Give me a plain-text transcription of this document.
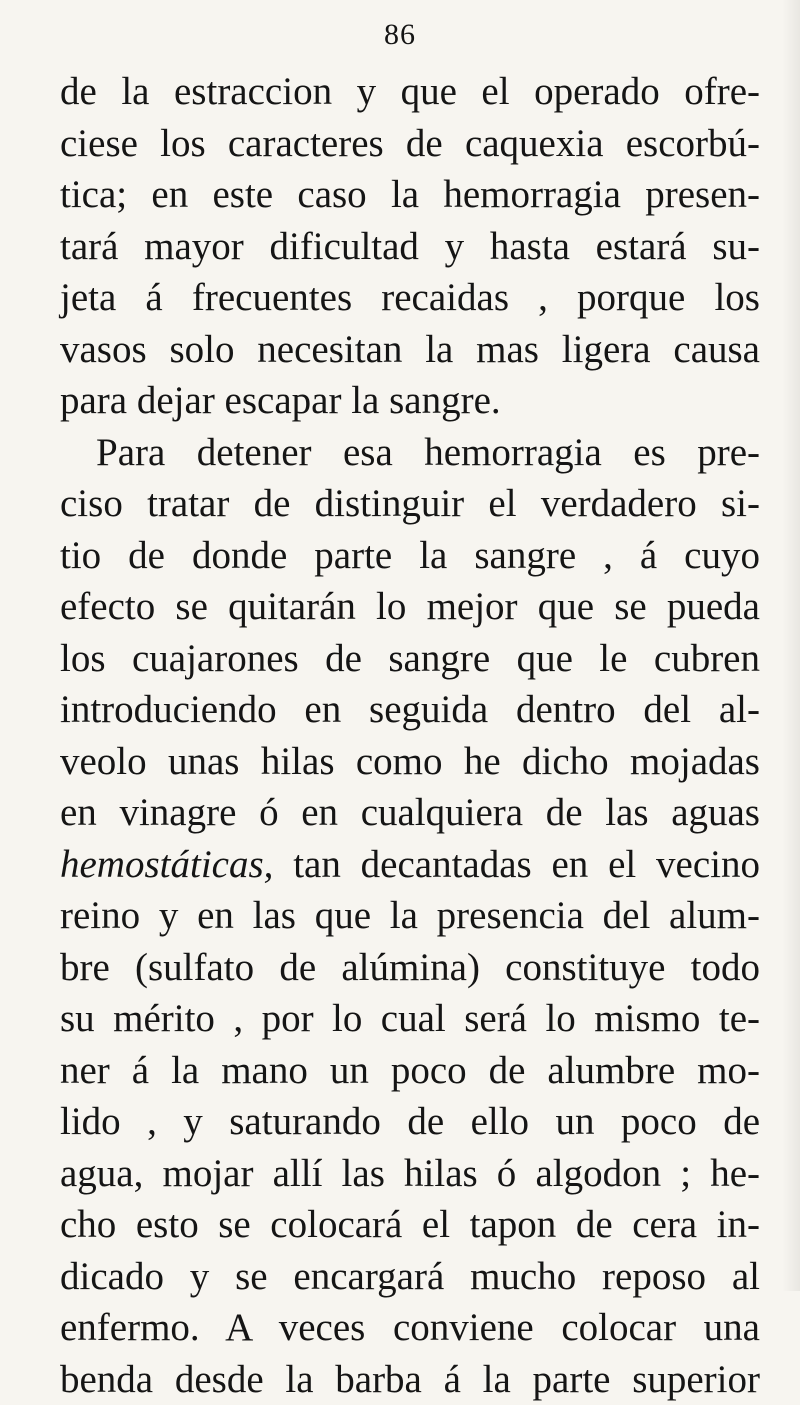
86
de la estraccion y que el operado ofre-
ciese los caracteres de caquexia escorbú-
tica; en este caso la hemorragia presen-
tará mayor dificultad y hasta estará su-
jeta á frecuentes recaidas , porque los
vasos solo necesitan la mas ligera causa
para dejar escapar la sangre.
Para detener esa hemorragia es pre-
ciso tratar de distinguir el verdadero si-
tio de donde parte la sangre , á cuyo
efecto se quitarán lo mejor que se pueda
los cuajarones de sangre que le cubren
introduciendo en seguida dentro del al-
veolo unas hilas como he dicho mojadas
en vinagre ó en cualquiera de las aguas
hemostáticas, tan decantadas en el vecino
reino y en las que la presencia del alum-
bre (sulfato de alúmina) constituye todo
su mérito , por lo cual será lo mismo te-
ner á la mano un poco de alumbre mo-
lido , y saturando de ello un poco de
agua, mojar allí las hilas ó algodon ; he-
cho esto se colocará el tapon de cera in-
dicado y se encargará mucho reposo al
enfermo. A veces conviene colocar una
benda desde la barba á la parte superior
